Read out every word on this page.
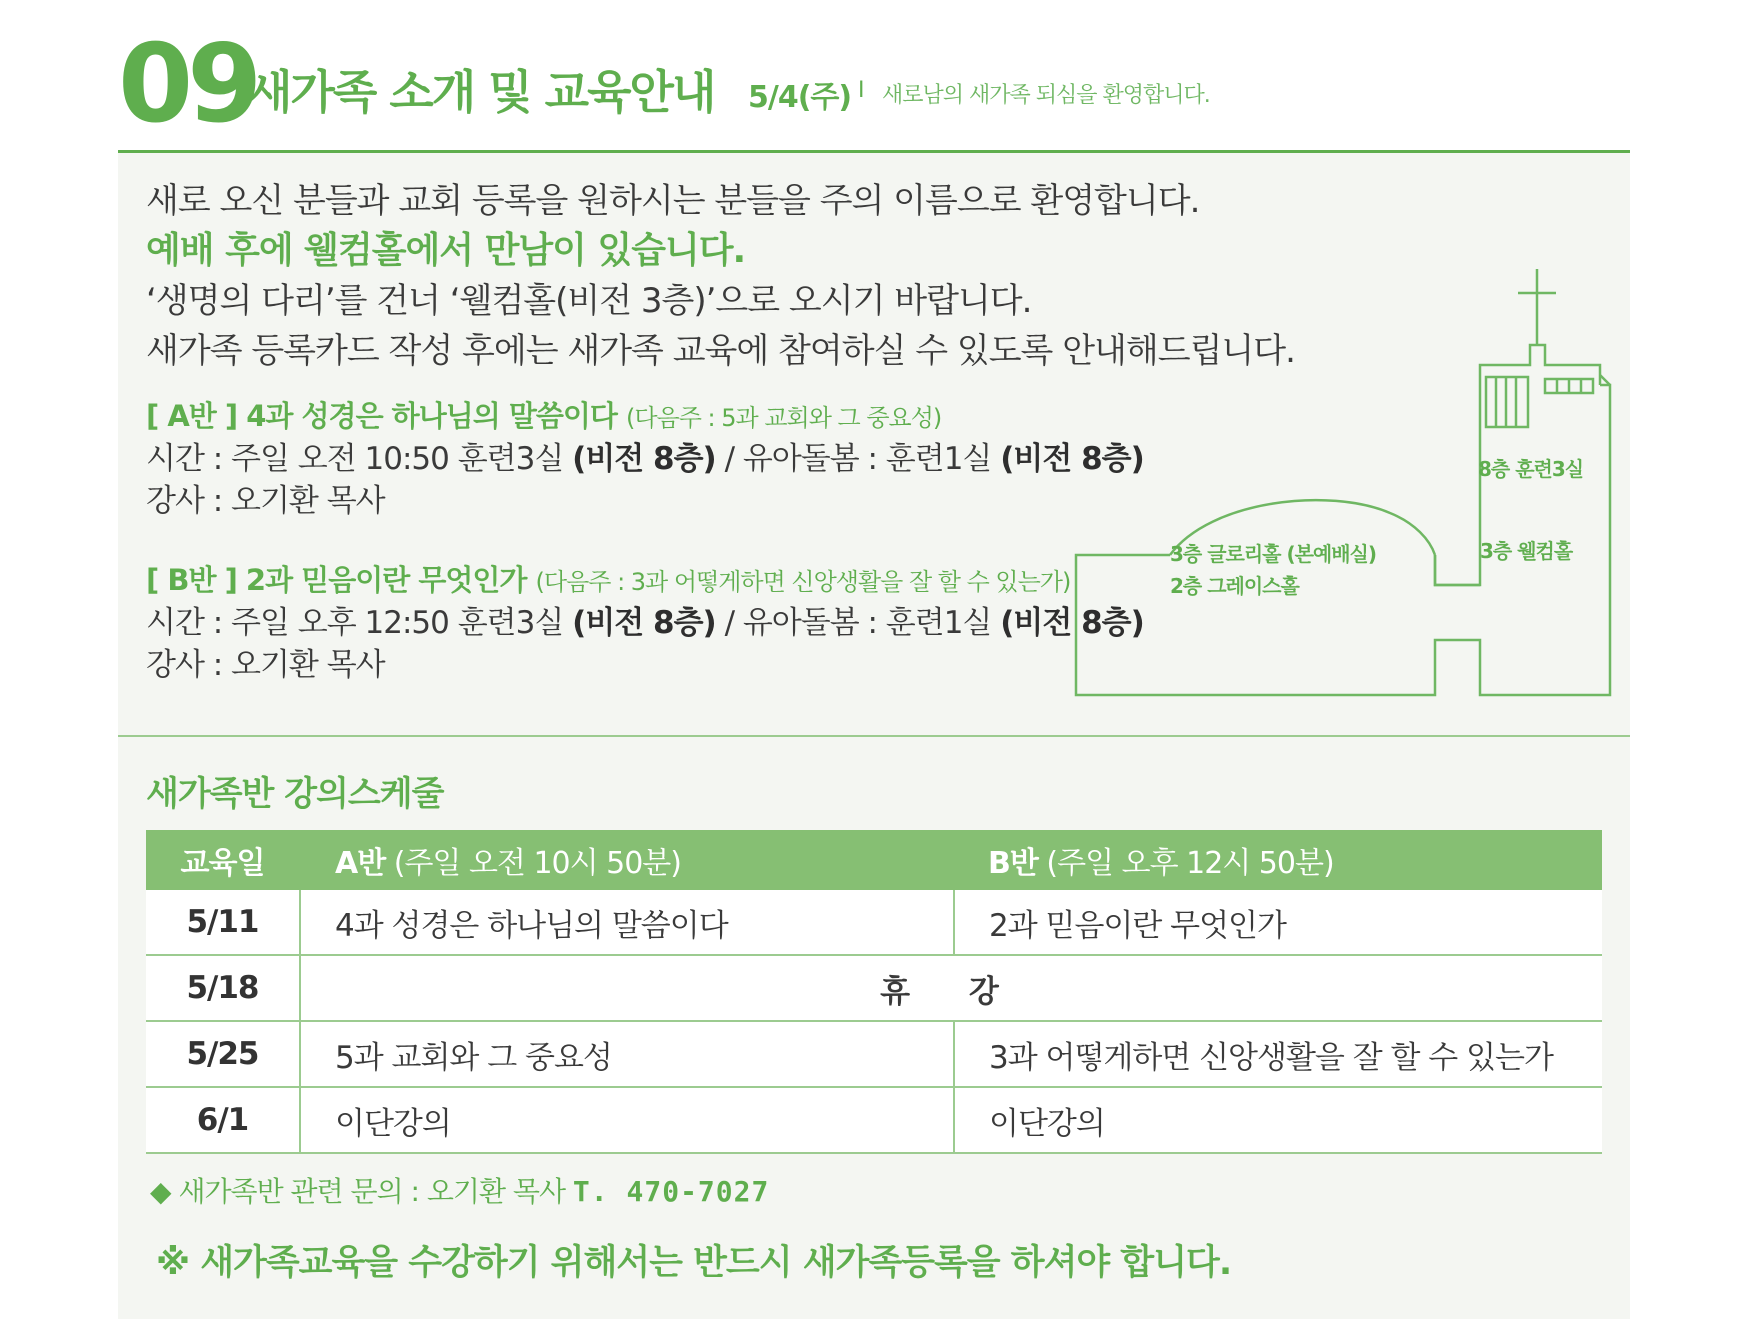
09
새가족 소개 및 교육안내 5/4(주) I 새로남의 새가족 되심을 환영합니다.

새로 오신 분들과 교회 등록을 원하시는 분들을 주의 이름으로 환영합니다.

예배 후에 웰컴홀에서 만남이 있습니다.

‘생명의 다리’를 건너 ‘웰컴홀(비전 3층)’으로 오시기 바랍니다.

새가족 등록카드 작성 후에는 새가족 교육에 참여하실 수 있도록 안내해드립니다.

[ A반 ] 4과 성경은 하나님의 말씀이다 (다음주 : 5과 교회와 그 중요성)
시간 : 주일 오전 10:50 훈련3실 (비전 8층) / 유아돌봄 : 훈련1실 (비전 8층)
강사 : 오기환 목사
[ B반 ] 2과 믿음이란 무엇인가 (다음주 : 3과 어떻게하면 신앙생활을 잘 할 수 있는가)
시간 : 주일 오후 12:50 훈련3실 (비전 8층) / 유아돌봄 : 훈련1실 (비전 8층)
강사 : 오기환 목사
8층 훈련3실
3층 웰컴홀
3층 글로리홀 (본예배실)
2층 그레이스홀
새가족반 강의스케줄
교육일	A반 (주일 오전 10시 50분)	B반 (주일 오후 12시 50분)
5/11	4과 성경은 하나님의 말씀이다	2과 믿음이란 무엇인가
5/18	휴 강	
5/25	5과 교회와 그 중요성	3과 어떻게하면 신앙생활을 잘 할 수 있는가
6/1	이단강의	이단강의
◆ 새가족반 관련 문의 : 오기환 목사 T. 470-7027
※ 새가족교육을 수강하기 위해서는 반드시 새가족등록을 하셔야 합니다.
